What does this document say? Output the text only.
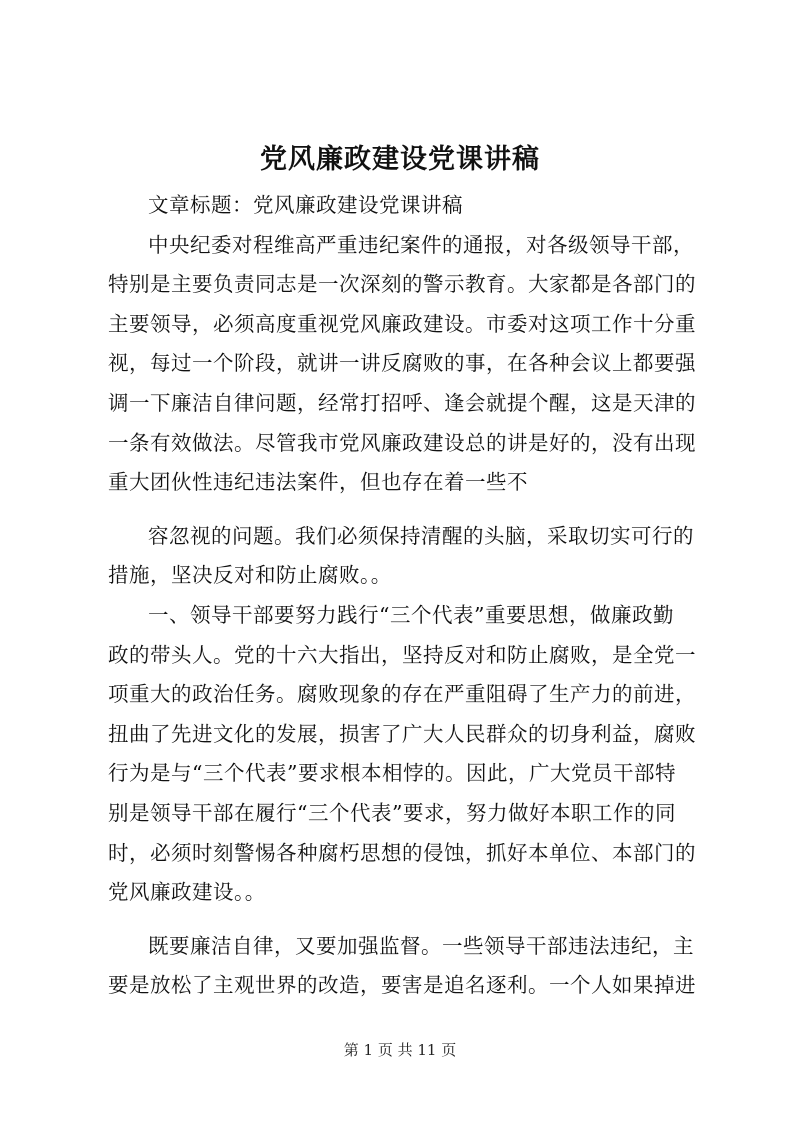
党风廉政建设党课讲稿
文章标题：党风廉政建设党课讲稿
中央纪委对程维高严重违纪案件的通报，对各级领导干部，
特别是主要负责同志是一次深刻的警示教育。大家都是各部门的
主要领导，必须高度重视党风廉政建设。市委对这项工作十分重
视，每过一个阶段，就讲一讲反腐败的事，在各种会议上都要强
调一下廉洁自律问题，经常打招呼、逢会就提个醒，这是天津的
一条有效做法。尽管我市党风廉政建设总的讲是好的，没有出现
重大团伙性违纪违法案件，但也存在着一些不
容忽视的问题。我们必须保持清醒的头脑，采取切实可行的
措施，坚决反对和防止腐败。。
一、领导干部要努力践行“三个代表”重要思想，做廉政勤
政的带头人。党的十六大指出，坚持反对和防止腐败，是全党一
项重大的政治任务。腐败现象的存在严重阻碍了生产力的前进，
扭曲了先进文化的发展，损害了广大人民群众的切身利益，腐败
行为是与“三个代表”要求根本相悖的。因此，广大党员干部特
别是领导干部在履行“三个代表”要求，努力做好本职工作的同
时，必须时刻警惕各种腐朽思想的侵蚀，抓好本单位、本部门的
党风廉政建设。。
既要廉洁自律，又要加强监督。一些领导干部违法违纪，主
要是放松了主观世界的改造，要害是追名逐利。一个人如果掉进
第 1 页 共 11 页
